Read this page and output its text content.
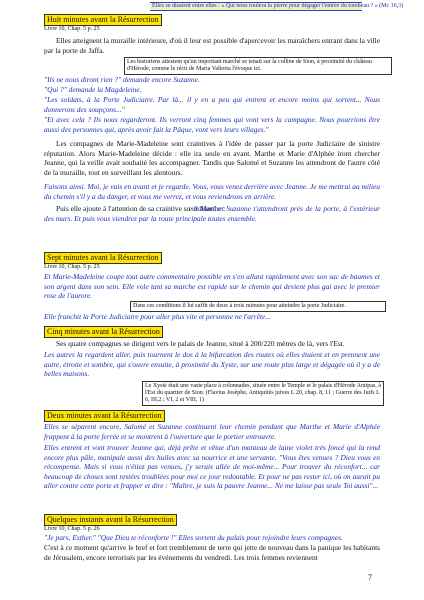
Elles se disaient entre elles : « Qui nous roulera la pierre pour dégager l'entrée du tombeau ? » (Mc 16,3)
Huit minutes avant la Résurrection
Livre 10, Chap. 5 p. 25
Elles atteignent la muraille intérieure, d'où il leur est possible d'apercevoir les maraîchers entrant dans la ville par la porte de Jaffa.
Les historiens attestent qu'un important marché se tenait sur la colline de Sion, à proximité du château d'Hérode, comme le récit de Maria Valtorta l'évoque ici.
"Ils ne nous diront rien ?" demande encore Suzanne.
"Qui ?" demande la Magdeleine.
"Les soldats, à la Porte Judiciaire. Par là... il y en a peu qui entrent et encore moins qui sortent... Nous donnerons des soupçons..."
"Et avec cela ? Ils nous regarderont. Ils verront cinq femmes qui vont vers la campagne. Nous pourrions être aussi des personnes qui, après avoir fait la Pâque, vont vers leurs villages."
Les compagnes de Marie-Madeleine sont craintives à l'idée de passer par la porte Judiciaire de sinistre réputation. Alors Marie-Madeleine décide : elle ira seule en avant. Marthe et Marie d'Alphée iront chercher Jeanne, qui la veille avait souhaité les accompagner. Tandis que Salomé et Suzanne les attendront de l'autre côté de la muraille, tout en surveillant les alentours.
Faisons ainsi. Moi, je vais en avant et je regarde. Vous, vous venez derrière avec Jeanne. Je me mettrai au milieu du chemin s'il y a du danger, et vous me verrez, et vous reviendrons en arrière.
Puis elle ajoute à l'attention de sa craintive sœur Marthe :
Salomé et Suzanne t'attendront près de la porte, à l'extérieur des murs. Et puis vous viendrez par la route principale toutes ensemble.
Sept minutes avant la Résurrection
Livre 10, Chap. 5 p. 25
Et Marie-Madeleine coupe tout autre commentaire possible en s'en allant rapidement avec son sac de baumes et son argent dans son sein. Elle vole tant sa marche est rapide sur le chemin qui devient plus gai avec le premier rose de l'aurore.
Dans ces conditions il lui suffit de deux à trois minutes pour atteindre la porte Judiciaire.
Elle franchit la Porte Judiciaire pour aller plus vite et personne ne l'arrête...
Cinq minutes avant la Résurrection
Ses quatre compagnes se dirigent vers le palais de Jeanne, situé à 200/220 mètres de là, vers l'Est.
Les autres la regardent aller, puis tournent le dos à la bifurcation des routes où elles étaient et en prennent une autre, étroite et sombre, qui s'ouvre ensuite, à proximité du Xyste, sur une route plus large et dégagée où il y a de belles maisons.
Le Xysté était une vaste place à colonnades, située entre le Temple et le palais d'Hérode Antipas, à l'Est du quartier de Sion. (Flavius Josèphe, Antiquités juives L 20, chap. 8, 11 ; Guerre des Juifs L 6, III,2 ; VI, 2 et VIII, 1)
Deux minutes avant la Résurrection
Elles se séparent encore, Salomé et Suzanne continuent leur chemin pendant que Marthe et Marie d'Alphée frappent à la porte ferrée et se montrent à l'ouverture que le portier entrouvre.
Elles entrent et vont trouver Jeanne qui, déjà prête et vêtue d'un manteau de laine violet très foncé qui la rend encore plus pâle, manipule aussi des huiles avec sa nourrice et une servante. "Vous êtes venues ? Dieu vous en récompense. Mais si vous n'étiez pas venues, j'y serais allée de moi-même... Pour trouver du réconfort... car beaucoup de choses sont restées troublées pour moi ce jour redoutable. Et pour ne pas rester ici, où on aurait pu aller contre cette porte et frapper et dire : "Maître, je suis la pauvre Jeanne... Ne me laisse pas seule Toi aussi"...
Quelques instants avant la Résurrection
Livre 10, Chap. 5 p. 26
"Je pars, Esther." "Que Dieu te réconforte !" Elles sortent du palais pour rejoindre leurs compagnes.
C'est à ce moment qu'arrive le bref et fort tremblement de terre qui jette de nouveau dans la panique les habitants de Jérusalem, encore terrorisés par les événements du vendredi. Les trois femmes reviennent
7
